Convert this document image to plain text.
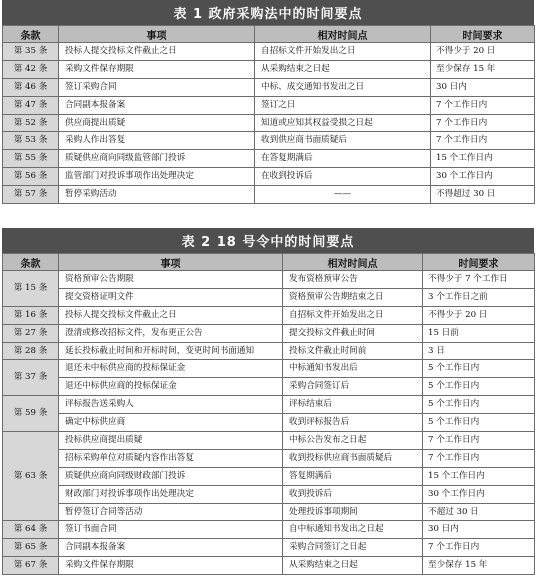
表 1 政府采购法中的时间要点
条款	事项	相对时间点	时间要求
第 35 条	投标人提交投标文件截止之日	自招标文件开始发出之日	不得少于 20 日
第 42 条	采购文件保存期限	从采购结束之日起	至少保存 15 年
第 46 条	签订采购合同	中标、成交通知书发出之日	30 日内
第 47 条	合同副本报备案	签订之日	7 个工作日内
第 52 条	供应商提出质疑	知道或应知其权益受损之日起	7 个工作日内
第 53 条	采购人作出答复	收到供应商书面质疑后	7 个工作日内
第 55 条	质疑供应商向同级监管部门投诉	在答复期满后	15 个工作日内
第 56 条	监管部门对投诉事项作出处理决定	在收到投诉后	30 个工作日内
第 57 条	暂停采购活动	——	不得超过 30 日
表 2 18 号令中的时间要点
条款	事项	相对时间点	时间要求
第 15 条	资格预审公告期限	发布资格预审公告	不得少于 7 个工作日
	提交资格证明文件	资格预审公告期结束之日	3 个工作日之前
第 16 条	投标人提交投标文件截止之日	自招标文件开始发出之日	不得少于 20 日
第 27 条	澄清或修改招标文件，发布更正公告	提交投标文件截止时间	15 日前
第 28 条	延长投标截止时间和开标时间，变更时间书面通知	投标文件截止时间前	3 日
第 37 条	退还未中标供应商的投标保证金	中标通知书发出后	5 个工作日内
	退还中标供应商的投标保证金	采购合同签订后	5 个工作日内
第 59 条	评标报告送采购人	评标结束后	5 个工作日内
	确定中标供应商	收到评标报告后	5 个工作日内
第 63 条	投标供应商提出质疑	中标公告发布之日起	7 个工作日内
	招标采购单位对质疑内容作出答复	收到投标供应商书面质疑后	7 个工作日内
	质疑供应商向同级财政部门投诉	答复期满后	15 个工作日内
	财政部门对投诉事项作出处理决定	收到投诉后	30 个工作日内
	暂停签订合同等活动	处理投诉事项期间	不超过 30 日
第 64 条	签订书面合同	自中标通知书发出之日起	30 日内
第 65 条	合同副本报备案	采购合同签订之日起	7 个工作日内
第 67 条	采购文件保存期限	从采购结束之日起	至少保存 15 年
